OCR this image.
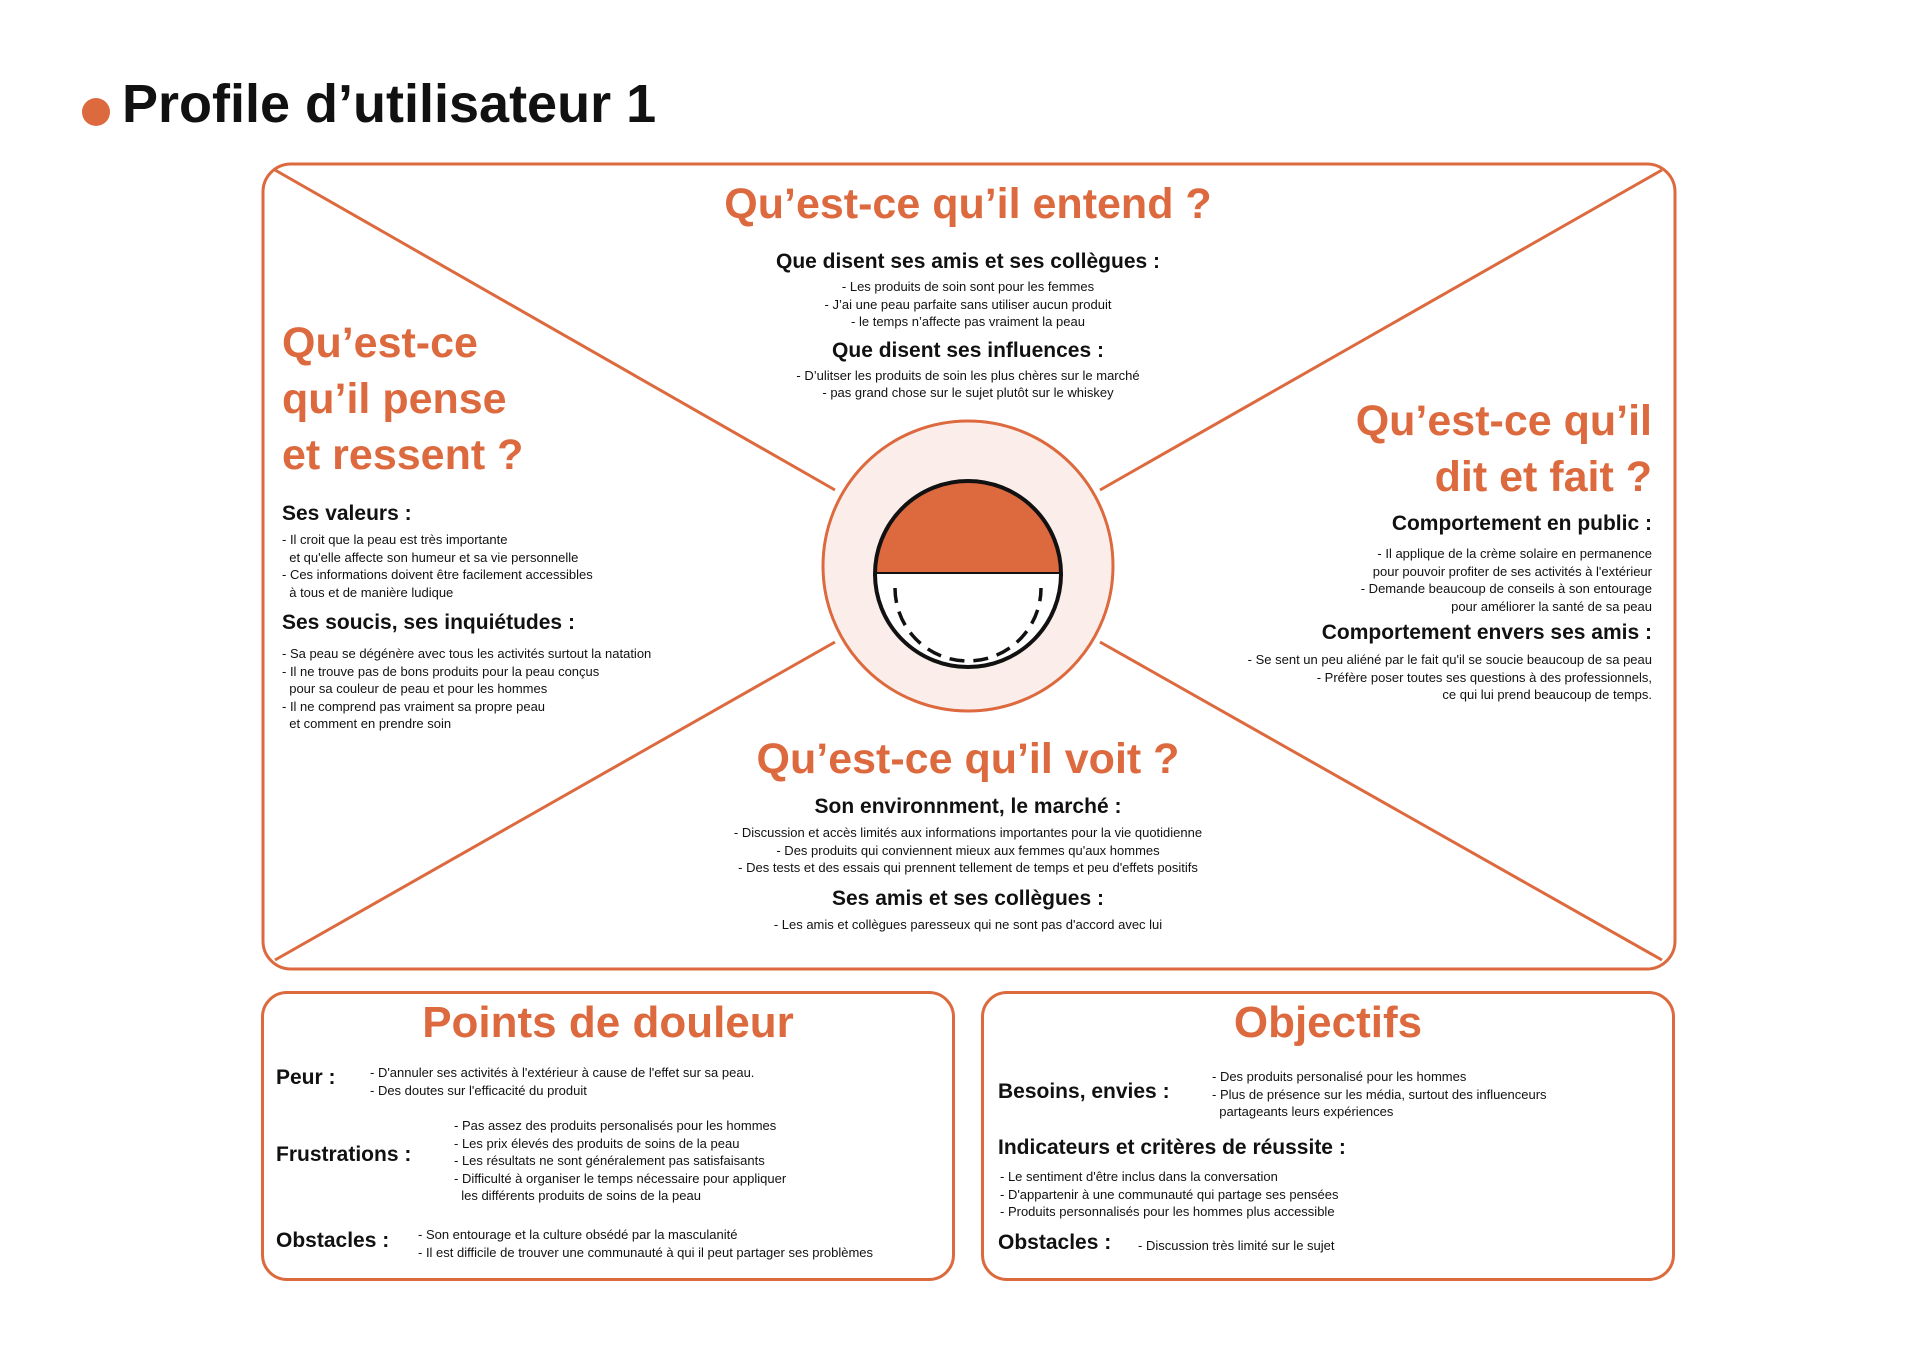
Profile d’utilisateur 1
Qu’est-ce qu’il entend ?
Que disent ses amis et ses collègues :
- Les produits de soin sont pour les femmes
- J’ai une peau parfaite sans utiliser aucun produit
- le temps n’affecte pas vraiment la peau
Que disent ses influences :
- D’ulitser les produits de soin les plus chères sur le marché
- pas grand chose sur le sujet plutôt sur le whiskey
Qu’est-ce
qu’il pense
et ressent ?
Ses valeurs :
- Il croit que la peau est très importante
et qu'elle affecte son humeur et sa vie personnelle
- Ces informations doivent être facilement accessibles
à tous et de manière ludique
Ses soucis, ses inquiétudes :
- Sa peau se dégénère avec tous les activités surtout la natation
- Il ne trouve pas de bons produits pour la peau conçus
pour sa couleur de peau et pour les hommes
- Il ne comprend pas vraiment sa propre peau
et comment en prendre soin
Qu’est-ce qu’il
dit et fait ?
Comportement en public :
- Il applique de la crème solaire en permanence
pour pouvoir profiter de ses activités à l'extérieur
- Demande beaucoup de conseils à son entourage
pour améliorer la santé de sa peau
Comportement envers ses amis :
- Se sent un peu aliéné par le fait qu'il se soucie beaucoup de sa peau
- Préfère poser toutes ses questions à des professionnels,
ce qui lui prend beaucoup de temps.
Qu’est-ce qu’il voit ?
Son environnment, le marché :
- Discussion et accès limités aux informations importantes pour la vie quotidienne
- Des produits qui conviennent mieux aux femmes qu'aux hommes
- Des tests et des essais qui prennent tellement de temps et peu d'effets positifs
Ses amis et ses collègues :
- Les amis et collègues paresseux qui ne sont pas d'accord avec lui
Points de douleur
Peur :	- D'annuler ses activités à l'extérieur à cause de l'effet sur sa peau.
- Des doutes sur l'efficacité du produit
Frustrations :
- Pas assez des produits personalisés pour les hommes
- Les prix élevés des produits de soins de la peau
- Les résultats ne sont généralement pas satisfaisants
- Difficulté à organiser le temps nécessaire pour appliquer
les différents produits de soins de la peau
Obstacles : - Son entourage et la culture obsédé par la masculanité
- Il est difficile de trouver une communauté à qui il peut partager ses problèmes
Objectifs
Besoins, envies :
- Des produits personalisé pour les hommes
- Plus de présence sur les média, surtout des influenceurs
partageants leurs expériences
Indicateurs et critères de réussite :
- Le sentiment d'être inclus dans la conversation
- D'appartenir à une communauté qui partage ses pensées
- Produits personnalisés pour les hommes plus accessible
Obstacles : - Discussion très limité sur le sujet
